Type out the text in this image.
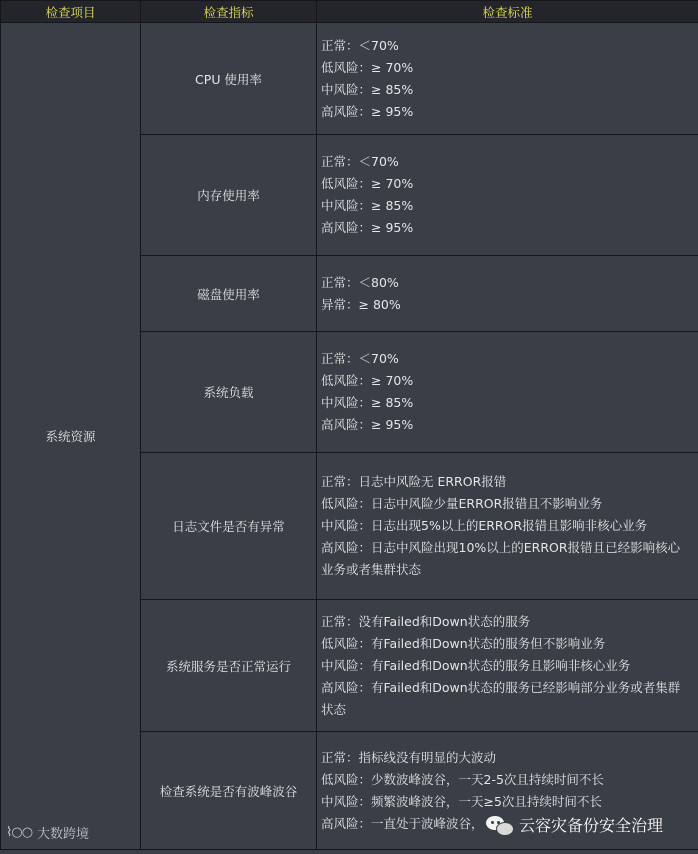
检查项目	检查指标	检查标准
系统资源	CPU 使用率	正常：＜70%
低风险：≥ 70%
中风险：≥ 85%
高风险：≥ 95%

	内存使用率	正常：＜70%
低风险：≥ 70%
中风险：≥ 85%
高风险：≥ 95%

	磁盘使用率	正常：＜80%
异常：≥ 80%

	系统负载	正常：＜70%
低风险：≥ 70%
中风险：≥ 85%
高风险：≥ 95%

	日志文件是否有异常	正常：日志中风险无 ERROR报错
低风险：日志中风险少量ERROR报错且不影响业务
中风险：日志出现5%以上的ERROR报错且影响非核心业务
高风险：日志中风险出现10%以上的ERROR报错且已经影响核心
业务或者集群状态

	系统服务是否正常运行	正常：没有Failed和Down状态的服务
低风险：有Failed和Down状态的服务但不影响业务
中风险：有Failed和Down状态的服务且影响非核心业务
高风险：有Failed和Down状态的服务已经影响部分业务或者集群
状态

	检查系统是否有波峰波谷	正常：指标线没有明显的大波动
低风险：少数波峰波谷，一天2-5次且持续时间不长
中风险：频繁波峰波谷，一天≥5次且持续时间不长
高风险：一直处于波峰波谷，
⌇○○ 大数跨境	云容灾备份安全治理
